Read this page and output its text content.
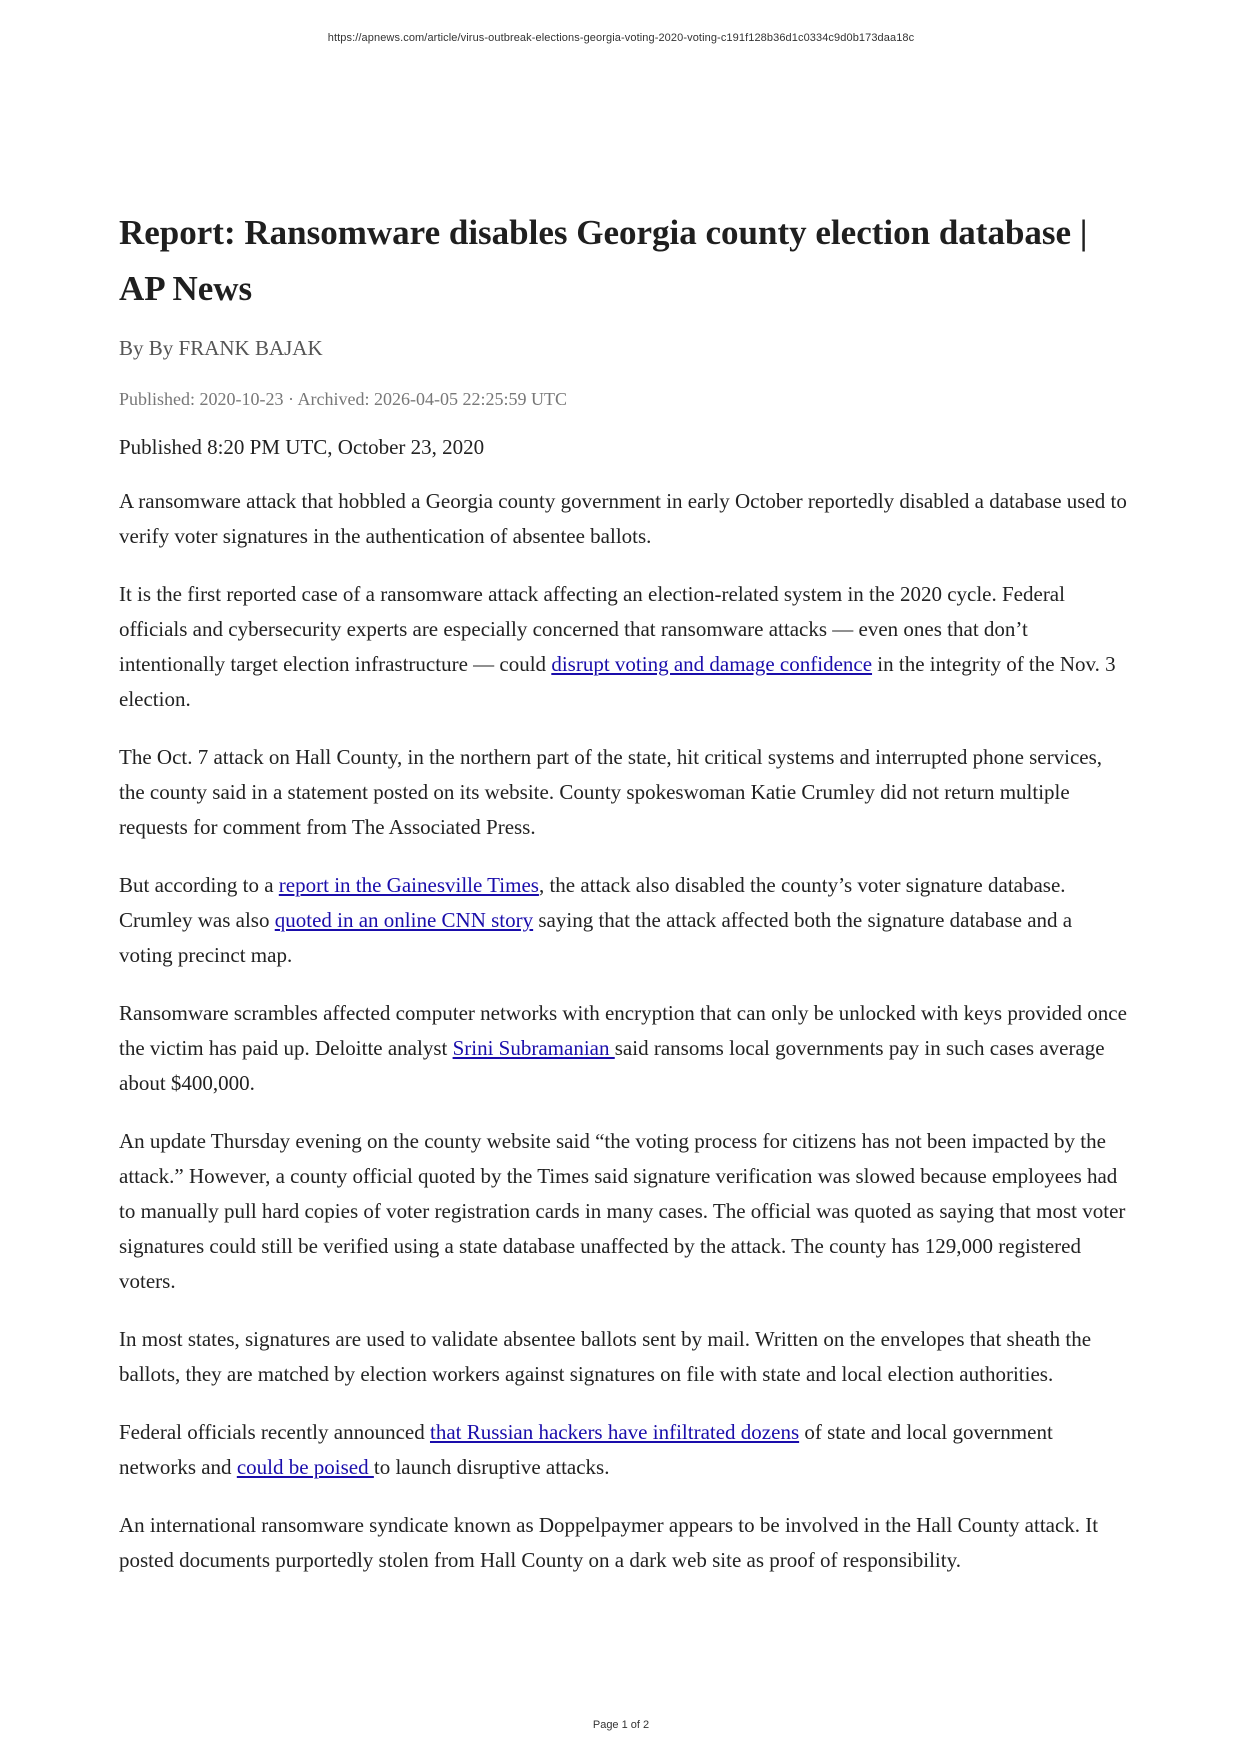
https://apnews.com/article/virus-outbreak-elections-georgia-voting-2020-voting-c191f128b36d1c0334c9d0b173daa18c
Report: Ransomware disables Georgia county election database | AP News
By By FRANK BAJAK
Published: 2020-10-23 · Archived: 2026-04-05 22:25:59 UTC
Published 8:20 PM UTC, October 23, 2020

A ransomware attack that hobbled a Georgia county government in early October reportedly disabled a database used to verify voter signatures in the authentication of absentee ballots.

It is the first reported case of a ransomware attack affecting an election-related system in the 2020 cycle. Federal officials and cybersecurity experts are especially concerned that ransomware attacks — even ones that don’t intentionally target election infrastructure — could disrupt voting and damage confidence in the integrity of the Nov. 3 election.

The Oct. 7 attack on Hall County, in the northern part of the state, hit critical systems and interrupted phone services, the county said in a statement posted on its website. County spokeswoman Katie Crumley did not return multiple requests for comment from The Associated Press.

But according to a report in the Gainesville Times, the attack also disabled the county’s voter signature database. Crumley was also quoted in an online CNN story saying that the attack affected both the signature database and a voting precinct map.

Ransomware scrambles affected computer networks with encryption that can only be unlocked with keys provided once the victim has paid up. Deloitte analyst Srini Subramanian said ransoms local governments pay in such cases average about $400,000.

An update Thursday evening on the county website said “the voting process for citizens has not been impacted by the attack.” However, a county official quoted by the Times said signature verification was slowed because employees had to manually pull hard copies of voter registration cards in many cases. The official was quoted as saying that most voter signatures could still be verified using a state database unaffected by the attack. The county has 129,000 registered voters.

In most states, signatures are used to validate absentee ballots sent by mail. Written on the envelopes that sheath the ballots, they are matched by election workers against signatures on file with state and local election authorities.

Federal officials recently announced that Russian hackers have infiltrated dozens of state and local government networks and could be poised to launch disruptive attacks.

An international ransomware syndicate known as Doppelpaymer appears to be involved in the Hall County attack. It posted documents purportedly stolen from Hall County on a dark web site as proof of responsibility.

Page 1 of 2
